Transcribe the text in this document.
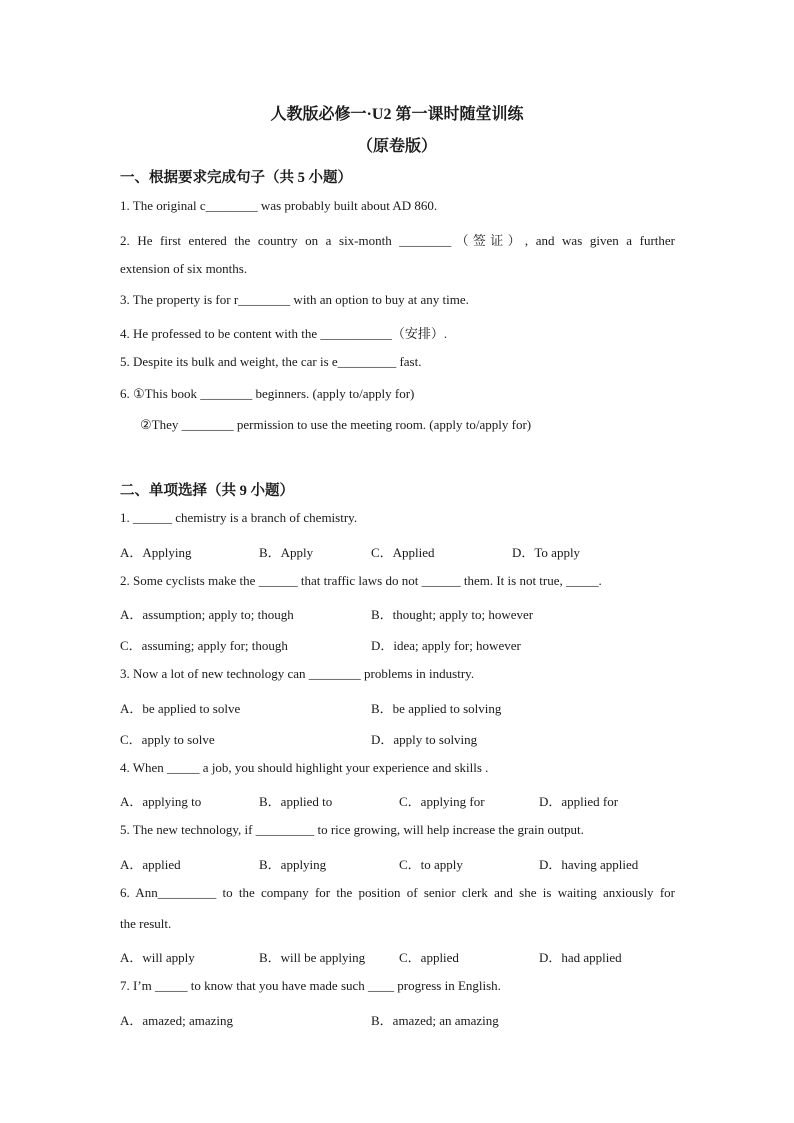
人教版必修一·U2 第一课时随堂训练
（原卷版）
一、根据要求完成句子（共 5 小题）
1. The original c________ was probably built about AD 860.
2. He first entered the country on a six-month ________（签证）, and was given a further
extension of six months.
3. The property is for r________ with an option to buy at any time.
4. He professed to be content with the ___________（安排）.
5. Despite its bulk and weight, the car is e_________ fast.
6. ①This book ________ beginners. (apply to/apply for)
②They ________ permission to use the meeting room. (apply to/apply for)
二、单项选择（共 9 小题）
1. ______ chemistry is a branch of chemistry.
A．Applying	B．Apply	C．Applied	D．To apply
2. Some cyclists make the ______ that traffic laws do not ______ them. It is not true, _____.
A．assumption; apply to; though	B．thought; apply to; however
C．assuming; apply for; though	D．idea; apply for; however
3. Now a lot of new technology can ________ problems in industry.
A．be applied to solve	B．be applied to solving
C．apply to solve	D．apply to solving
4. When _____ a job, you should highlight your experience and skills .
A．applying to	B．applied to	C．applying for	D．applied for
5. The new technology, if _________ to rice growing, will help increase the grain output.
A．applied	B．applying	C．to apply	D．having applied
6. Ann_________ to the company for the position of senior clerk and she is waiting anxiously for
the result.
A．will apply	B．will be applying	C．applied	D．had applied
7. I’m _____ to know that you have made such ____ progress in English.
A．amazed; amazing	B．amazed; an amazing
